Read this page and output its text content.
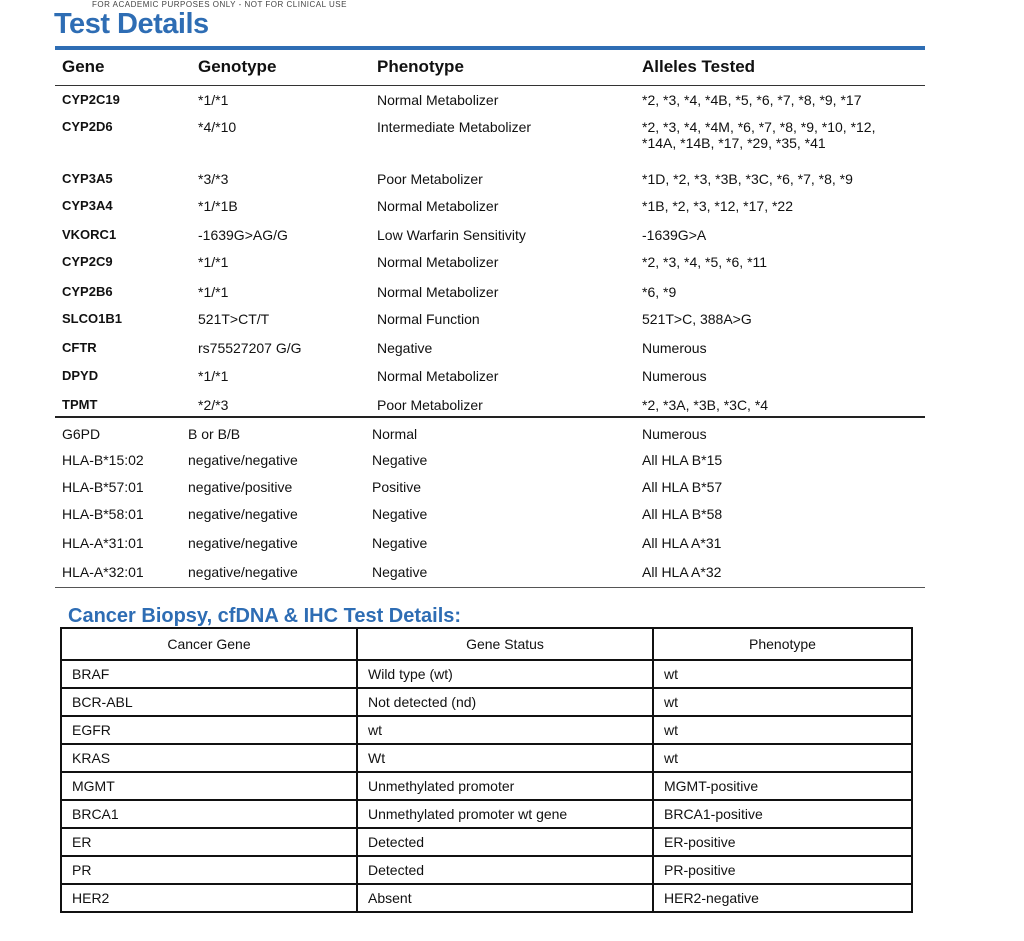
FOR ACADEMIC PURPOSES ONLY - NOT FOR CLINICAL USE
Test Details
Gene	Genotype	Phenotype	Alleles Tested
CYP2C19	*1/*1	Normal Metabolizer	*2, *3, *4, *4B, *5, *6, *7, *8, *9, *17
CYP2D6	*4/*10	Intermediate Metabolizer	*2, *3, *4, *4M, *6, *7, *8, *9, *10, *12,
*14A, *14B, *17, *29, *35, *41
CYP3A5	*3/*3	Poor Metabolizer	*1D, *2, *3, *3B, *3C, *6, *7, *8, *9
CYP3A4	*1/*1B	Normal Metabolizer	*1B, *2, *3, *12, *17, *22
VKORC1	-1639G>AG/G	Low Warfarin Sensitivity	-1639G>A
CYP2C9	*1/*1	Normal Metabolizer	*2, *3, *4, *5, *6, *11
CYP2B6	*1/*1	Normal Metabolizer	*6, *9
SLCO1B1	521T>CT/T	Normal Function	521T>C, 388A>G
CFTR	rs75527207 G/G	Negative	Numerous
DPYD	*1/*1	Normal Metabolizer	Numerous
TPMT	*2/*3	Poor Metabolizer	*2, *3A, *3B, *3C, *4
G6PD	B or B/B	Normal	Numerous
HLA-B*15:02	negative/negative	Negative	All HLA B*15
HLA-B*57:01	negative/positive	Positive	All HLA B*57
HLA-B*58:01	negative/negative	Negative	All HLA B*58
HLA-A*31:01	negative/negative	Negative	All HLA A*31
HLA-A*32:01	negative/negative	Negative	All HLA A*32
Cancer Biopsy, cfDNA & IHC Test Details:
Cancer Gene	Gene Status	Phenotype
BRAF	Wild type (wt)	wt
BCR-ABL	Not detected (nd)	wt
EGFR	wt	wt
KRAS	Wt	wt
MGMT	Unmethylated promoter	MGMT-positive
BRCA1	Unmethylated promoter wt gene	BRCA1-positive
ER	Detected	ER-positive
PR	Detected	PR-positive
HER2	Absent	HER2-negative
